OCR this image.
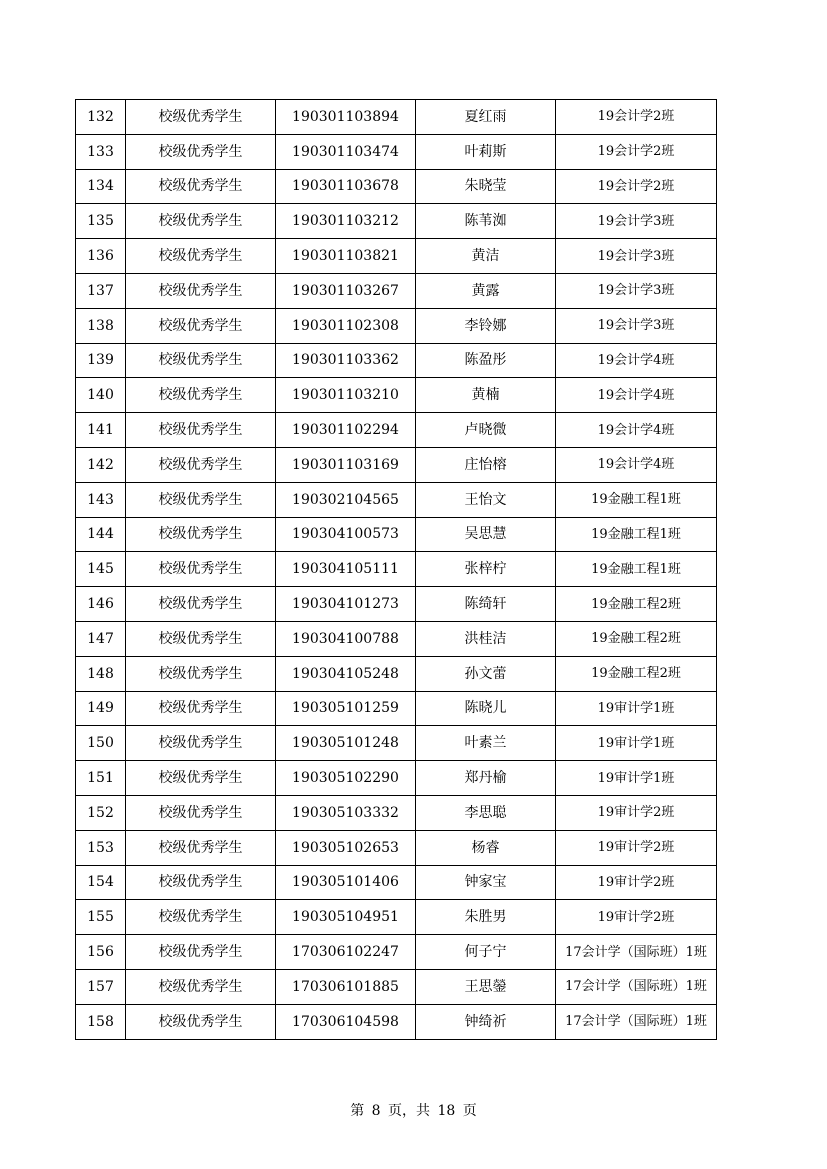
132	校级优秀学生	190301103894	夏红雨	19会计学2班
133	校级优秀学生	190301103474	叶莉斯	19会计学2班
134	校级优秀学生	190301103678	朱晓莹	19会计学2班
135	校级优秀学生	190301103212	陈苇洳	19会计学3班
136	校级优秀学生	190301103821	黄洁	19会计学3班
137	校级优秀学生	190301103267	黄露	19会计学3班
138	校级优秀学生	190301102308	李铃娜	19会计学3班
139	校级优秀学生	190301103362	陈盈彤	19会计学4班
140	校级优秀学生	190301103210	黄楠	19会计学4班
141	校级优秀学生	190301102294	卢晓微	19会计学4班
142	校级优秀学生	190301103169	庄怡榕	19会计学4班
143	校级优秀学生	190302104565	王怡文	19金融工程1班
144	校级优秀学生	190304100573	吴思慧	19金融工程1班
145	校级优秀学生	190304105111	张梓柠	19金融工程1班
146	校级优秀学生	190304101273	陈绮轩	19金融工程2班
147	校级优秀学生	190304100788	洪桂洁	19金融工程2班
148	校级优秀学生	190304105248	孙文蕾	19金融工程2班
149	校级优秀学生	190305101259	陈晓儿	19审计学1班
150	校级优秀学生	190305101248	叶素兰	19审计学1班
151	校级优秀学生	190305102290	郑丹榆	19审计学1班
152	校级优秀学生	190305103332	李思聪	19审计学2班
153	校级优秀学生	190305102653	杨睿	19审计学2班
154	校级优秀学生	190305101406	钟家宝	19审计学2班
155	校级优秀学生	190305104951	朱胜男	19审计学2班
156	校级优秀学生	170306102247	何子宁	17会计学（国际班）1班
157	校级优秀学生	170306101885	王思鎣	17会计学（国际班）1班
158	校级优秀学生	170306104598	钟绮祈	17会计学（国际班）1班
第 8 页，共 18 页
